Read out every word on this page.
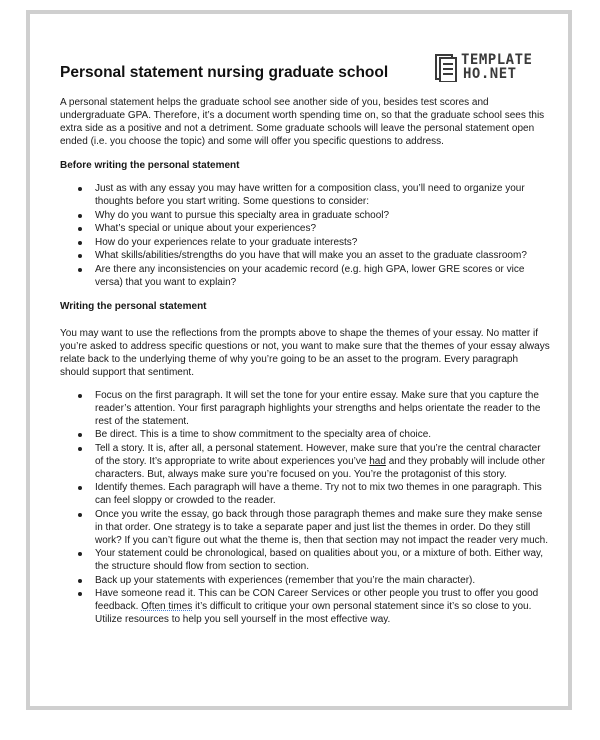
Personal statement nursing graduate school
TEMPLATE
HO.NET

A personal statement helps the graduate school see another side of you, besides test scores and undergraduate GPA. Therefore, it’s a document worth spending time on, so that the graduate school sees this extra side as a positive and not a detriment. Some graduate schools will leave the personal statement open ended (i.e. you choose the topic) and some will offer you specific questions to address.

Before writing the personal statement
Just as with any essay you may have written for a composition class, you’ll need to organize your thoughts before you start writing. Some questions to consider:
Why do you want to pursue this specialty area in graduate school?
What’s special or unique about your experiences?
How do your experiences relate to your graduate interests?
What skills/abilities/strengths do you have that will make you an asset to the graduate classroom?
Are there any inconsistencies on your academic record (e.g. high GPA, lower GRE scores or vice versa) that you want to explain?
Writing the personal statement

You may want to use the reflections from the prompts above to shape the themes of your essay. No matter if you’re asked to address specific questions or not, you want to make sure that the themes of your essay always relate back to the underlying theme of why you’re going to be an asset to the program. Every paragraph should support that sentiment.

Focus on the first paragraph. It will set the tone for your entire essay. Make sure that you capture the reader’s attention. Your first paragraph highlights your strengths and helps orientate the reader to the rest of the statement.
Be direct. This is a time to show commitment to the specialty area of choice.
Tell a story. It is, after all, a personal statement. However, make sure that you’re the central character of the story. It’s appropriate to write about experiences you’ve had and they probably will include other characters. But, always make sure you’re focused on you. You’re the protagonist of this story.
Identify themes. Each paragraph will have a theme. Try not to mix two themes in one paragraph. This can feel sloppy or crowded to the reader.
Once you write the essay, go back through those paragraph themes and make sure they make sense in that order. One strategy is to take a separate paper and just list the themes in order. Do they still work? If you can’t figure out what the theme is, then that section may not impact the reader very much.
Your statement could be chronological, based on qualities about you, or a mixture of both. Either way, the structure should flow from section to section.
Back up your statements with experiences (remember that you’re the main character).
Have someone read it. This can be CON Career Services or other people you trust to offer you good feedback. Often times it’s difficult to critique your own personal statement since it’s so close to you. Utilize resources to help you sell yourself in the most effective way.
